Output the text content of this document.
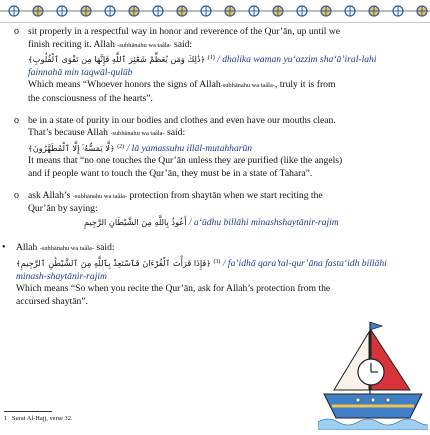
o sit properly in a respectful way in honor and reverence of the Qur’ān, up until we

finish reciting it. Allah -subhānahu wa taâla- said:

﴿ذَٰلِكَ وَمَن يُعَظِّمْ شَعَٰٓئِرَ ٱللَّهِ فَإِنَّهَا مِن تَقْوَى ٱلْقُلُوبِ﴾ $^{(1)}$ / dhalika waman yu‘azzim sha‘ā’iral-lahi

fainnahā min taqwāl-qulūb

Which means “Whoever honors the signs of Allah-subhānahu wa taâla-, truly it is from

the consciousness of the hearts”.

o be in a state of purity in our bodies and clothes and even have our mouths clean.

That’s because Allah -subhānahu wa taâla- said:

﴿لَّا يَمَسُّهُۥٓ إِلَّا ٱلْمُطَهَّرُونَ﴾ $^{(2)}$ / lā yamassuhu illāl-mutahharūn

It means that “no one touches the Qur’ān unless they are purified (like the angels)

and if people want to touch the Qur’ān, they must be in a state of Tahara”.

o ask Allah’s -subhānahu wa taâla- protection from shaytān when we start reciting the

Qur’ān by saying:

أَعُوذُ بِاللَّهِ مِنَ الشَّيْطَانِ الرَّجِيمِ / a‘ūdhu billāhi minashshaytānir-rajim

• Allah -subhānahu wa taâla- said:

﴿فَإِذَا قَرَأْتَ ٱلْقُرْءَانَ فَٱسْتَعِذْ بِٱللَّهِ مِنَ ٱلشَّيْطَٰنِ ٱلرَّجِيمِ﴾ $^{(3)}$ / fa’idhā qara’tal-qur’āna fasta‘idh billāhi

minash-shaytānir-rajim

Which means “So when you recite the Qur’ān, ask for Allah’s protection from the

accursed shaytān”.

1 Surat Al-Hajj, verse 32.
